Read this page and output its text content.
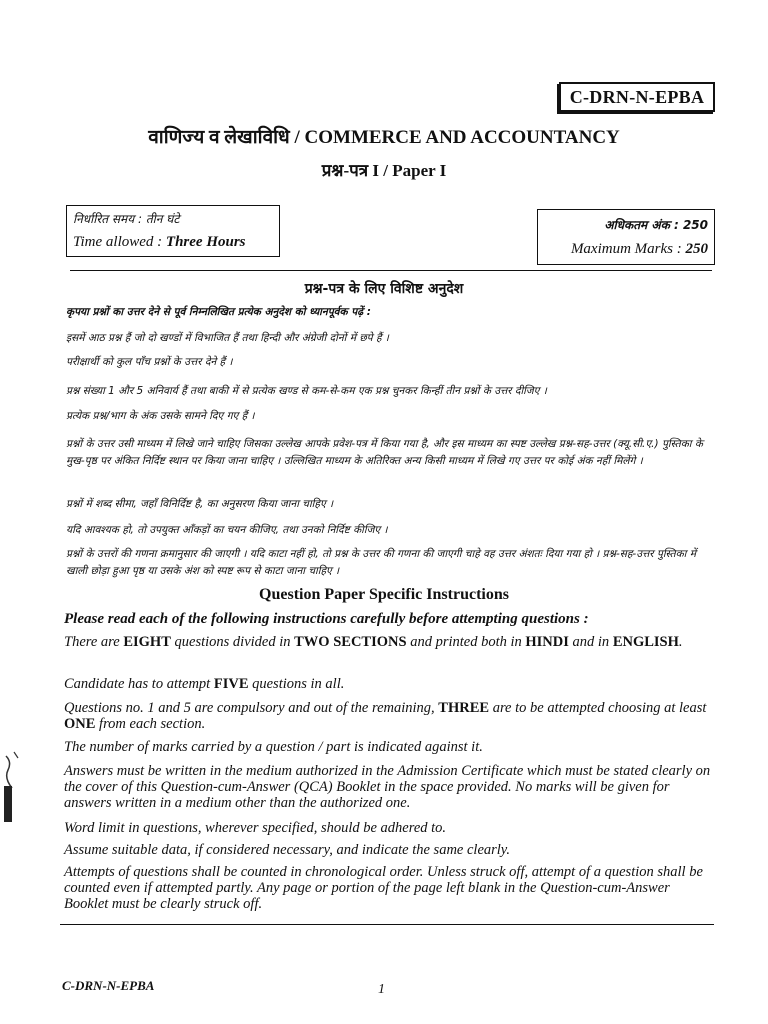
C-DRN-N-EPBA
वाणिज्य व लेखाविधि / COMMERCE AND ACCOUNTANCY
प्रश्न-पत्र I / Paper I
निर्धारित समय : तीन घंटे
Time allowed : Three Hours
अधिकतम अंक : 250
Maximum Marks : 250
प्रश्न-पत्र के लिए विशिष्ट अनुदेश
कृपया प्रश्नों का उत्तर देने से पूर्व निम्नलिखित प्रत्येक अनुदेश को ध्यानपूर्वक पढ़ें :
इसमें आठ प्रश्न हैं जो दो खण्डों में विभाजित हैं तथा हिन्दी और अंग्रेजी दोनों में छपे हैं ।
परीक्षार्थी को कुल पाँच प्रश्नों के उत्तर देने हैं ।
प्रश्न संख्या 1 और 5 अनिवार्य हैं तथा बाकी में से प्रत्येक खण्ड से कम-से-कम एक प्रश्न चुनकर किन्हीं तीन प्रश्नों के उत्तर दीजिए ।
प्रत्येक प्रश्न/भाग के अंक उसके सामने दिए गए हैं ।
प्रश्नों के उत्तर उसी माध्यम में लिखे जाने चाहिए जिसका उल्लेख आपके प्रवेश-पत्र में किया गया है, और इस माध्यम का स्पष्ट उल्लेख प्रश्न-सह-उत्तर (क्यू.सी.ए.) पुस्तिका के मुख-पृष्ठ पर अंकित निर्दिष्ट स्थान पर किया जाना चाहिए । उल्लिखित माध्यम के अतिरिक्त अन्य किसी माध्यम में लिखे गए उत्तर पर कोई अंक नहीं मिलेंगे ।
प्रश्नों में शब्द सीमा, जहाँ विनिर्दिष्ट है, का अनुसरण किया जाना चाहिए ।
यदि आवश्यक हो, तो उपयुक्त आँकड़ों का चयन कीजिए, तथा उनको निर्दिष्ट कीजिए ।
प्रश्नों के उत्तरों की गणना क्रमानुसार की जाएगी । यदि काटा नहीं हो, तो प्रश्न के उत्तर की गणना की जाएगी चाहे वह उत्तर अंशतः दिया गया हो । प्रश्न-सह-उत्तर पुस्तिका में खाली छोड़ा हुआ पृष्ठ या उसके अंश को स्पष्ट रूप से काटा जाना चाहिए ।
Question Paper Specific Instructions
Please read each of the following instructions carefully before attempting questions :
There are EIGHT questions divided in TWO SECTIONS and printed both in HINDI and in ENGLISH.
Candidate has to attempt FIVE questions in all.
Questions no. 1 and 5 are compulsory and out of the remaining, THREE are to be attempted choosing at least ONE from each section.
The number of marks carried by a question / part is indicated against it.
Answers must be written in the medium authorized in the Admission Certificate which must be stated clearly on the cover of this Question-cum-Answer (QCA) Booklet in the space provided. No marks will be given for answers written in a medium other than the authorized one.
Word limit in questions, wherever specified, should be adhered to.
Assume suitable data, if considered necessary, and indicate the same clearly.
Attempts of questions shall be counted in chronological order. Unless struck off, attempt of a question shall be counted even if attempted partly. Any page or portion of the page left blank in the Question-cum-Answer Booklet must be clearly struck off.
C-DRN-N-EPBA	1
